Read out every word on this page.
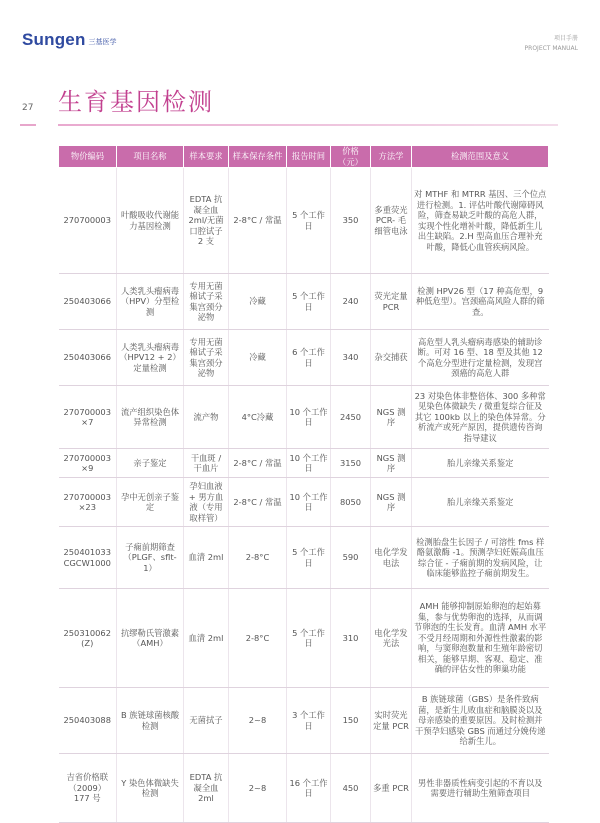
Sungen 三基医学	项目手册
PROJECT MANUAL
27 生育基因检测
物价编码	项目名称	样本要求	样本保存条件	报告时间	价格（元）	方法学	检测范围及意义
270700003	叶酸吸收代谢能力基因检测	EDTA 抗凝全血 2ml/无菌口腔试子 2 支	2-8°C / 常温	5 个工作日	350	多重荧光 PCR- 毛细管电泳	对 MTHF 和 MTRR 基因、三个位点进行检测。1. 评估叶酸代谢障碍风险，筛查易缺乏叶酸的高危人群，实现个性化增补叶酸，降低新生儿出生缺陷。2.H 型高血压合理补充叶酸，降低心血管疾病风险。
250403066	人类乳头瘤病毒（HPV）分型检测	专用无菌棉试子采集宫颈分泌物	冷藏	5 个工作日	240	荧光定量 PCR	检测 HPV26 型（17 种高危型，9 种低危型）。宫颈癌高风险人群的筛查。
250403066	人类乳头瘤病毒（HPV12 + 2）定量检测	专用无菌棉试子采集宫颈分泌物	冷藏	6 个工作日	340	杂交捕获	高危型人乳头瘤病毒感染的辅助诊断。可对 16 型、18 型及其他 12 个高危分型进行定量检测，发现宫颈癌的高危人群
270700003 ×7	流产组织染色体异常检测	流产物	4°C冷藏	10 个工作日	2450	NGS 测序	23 对染色体非整倍体、300 多种常见染色体微缺失 / 微重复综合征及其它 100kb 以上的染色体异常。分析流产或死产原因，提供遗传咨询指导建议
270700003 ×9	亲子鉴定	干血斑 / 干血片	2-8°C / 常温	10 个工作日	3150	NGS 测序	胎儿亲缘关系鉴定
270700003 ×23	孕中无创亲子鉴定	孕妇血液 + 男方血液（专用取样管）	2-8°C / 常温	10 个工作日	8050	NGS 测序	胎儿亲缘关系鉴定
250401033 CGCW1000	子痫前期筛查（PLGF、sflt-1）	血清 2ml	2-8°C	5 个工作日	590	电化学发电法	检测胎盘生长因子 / 可溶性 fms 样酪氨激酶 -1。预测孕妇妊娠高血压综合征 - 子痫前期的发病风险，让临床能够监控子痫前期发生。
250310062 (Z)	抗缪勒氏管激素（AMH）	血清 2ml	2-8°C	5 个工作日	310	电化学发光法	AMH 能够抑制原始卵泡的起始募集，参与优势卵泡的选择，从而调节卵泡的生长发育。血清 AMH 水平不受月经周期和外源性性激素的影响，与窦卵泡数量和生殖年龄密切相关，能够早期、客观、稳定、准确的评估女性的卵巢功能
250403088	B 族链球菌核酸检测	无菌拭子	2~8	3 个工作日	150	实时荧光定量 PCR	B 族链球菌（GBS）是条件致病菌，是新生儿败血症和脑膜炎以及母亲感染的重要原因。及时检测并干预孕妇感染 GBS 而通过分娩传递给新生儿。
吉省价格联（2009）177 号	Y 染色体微缺失检测	EDTA 抗凝全血 2ml	2~8	16 个工作日	450	多重 PCR	男性非器质性病变引起的不育以及需要进行辅助生殖筛查项目
